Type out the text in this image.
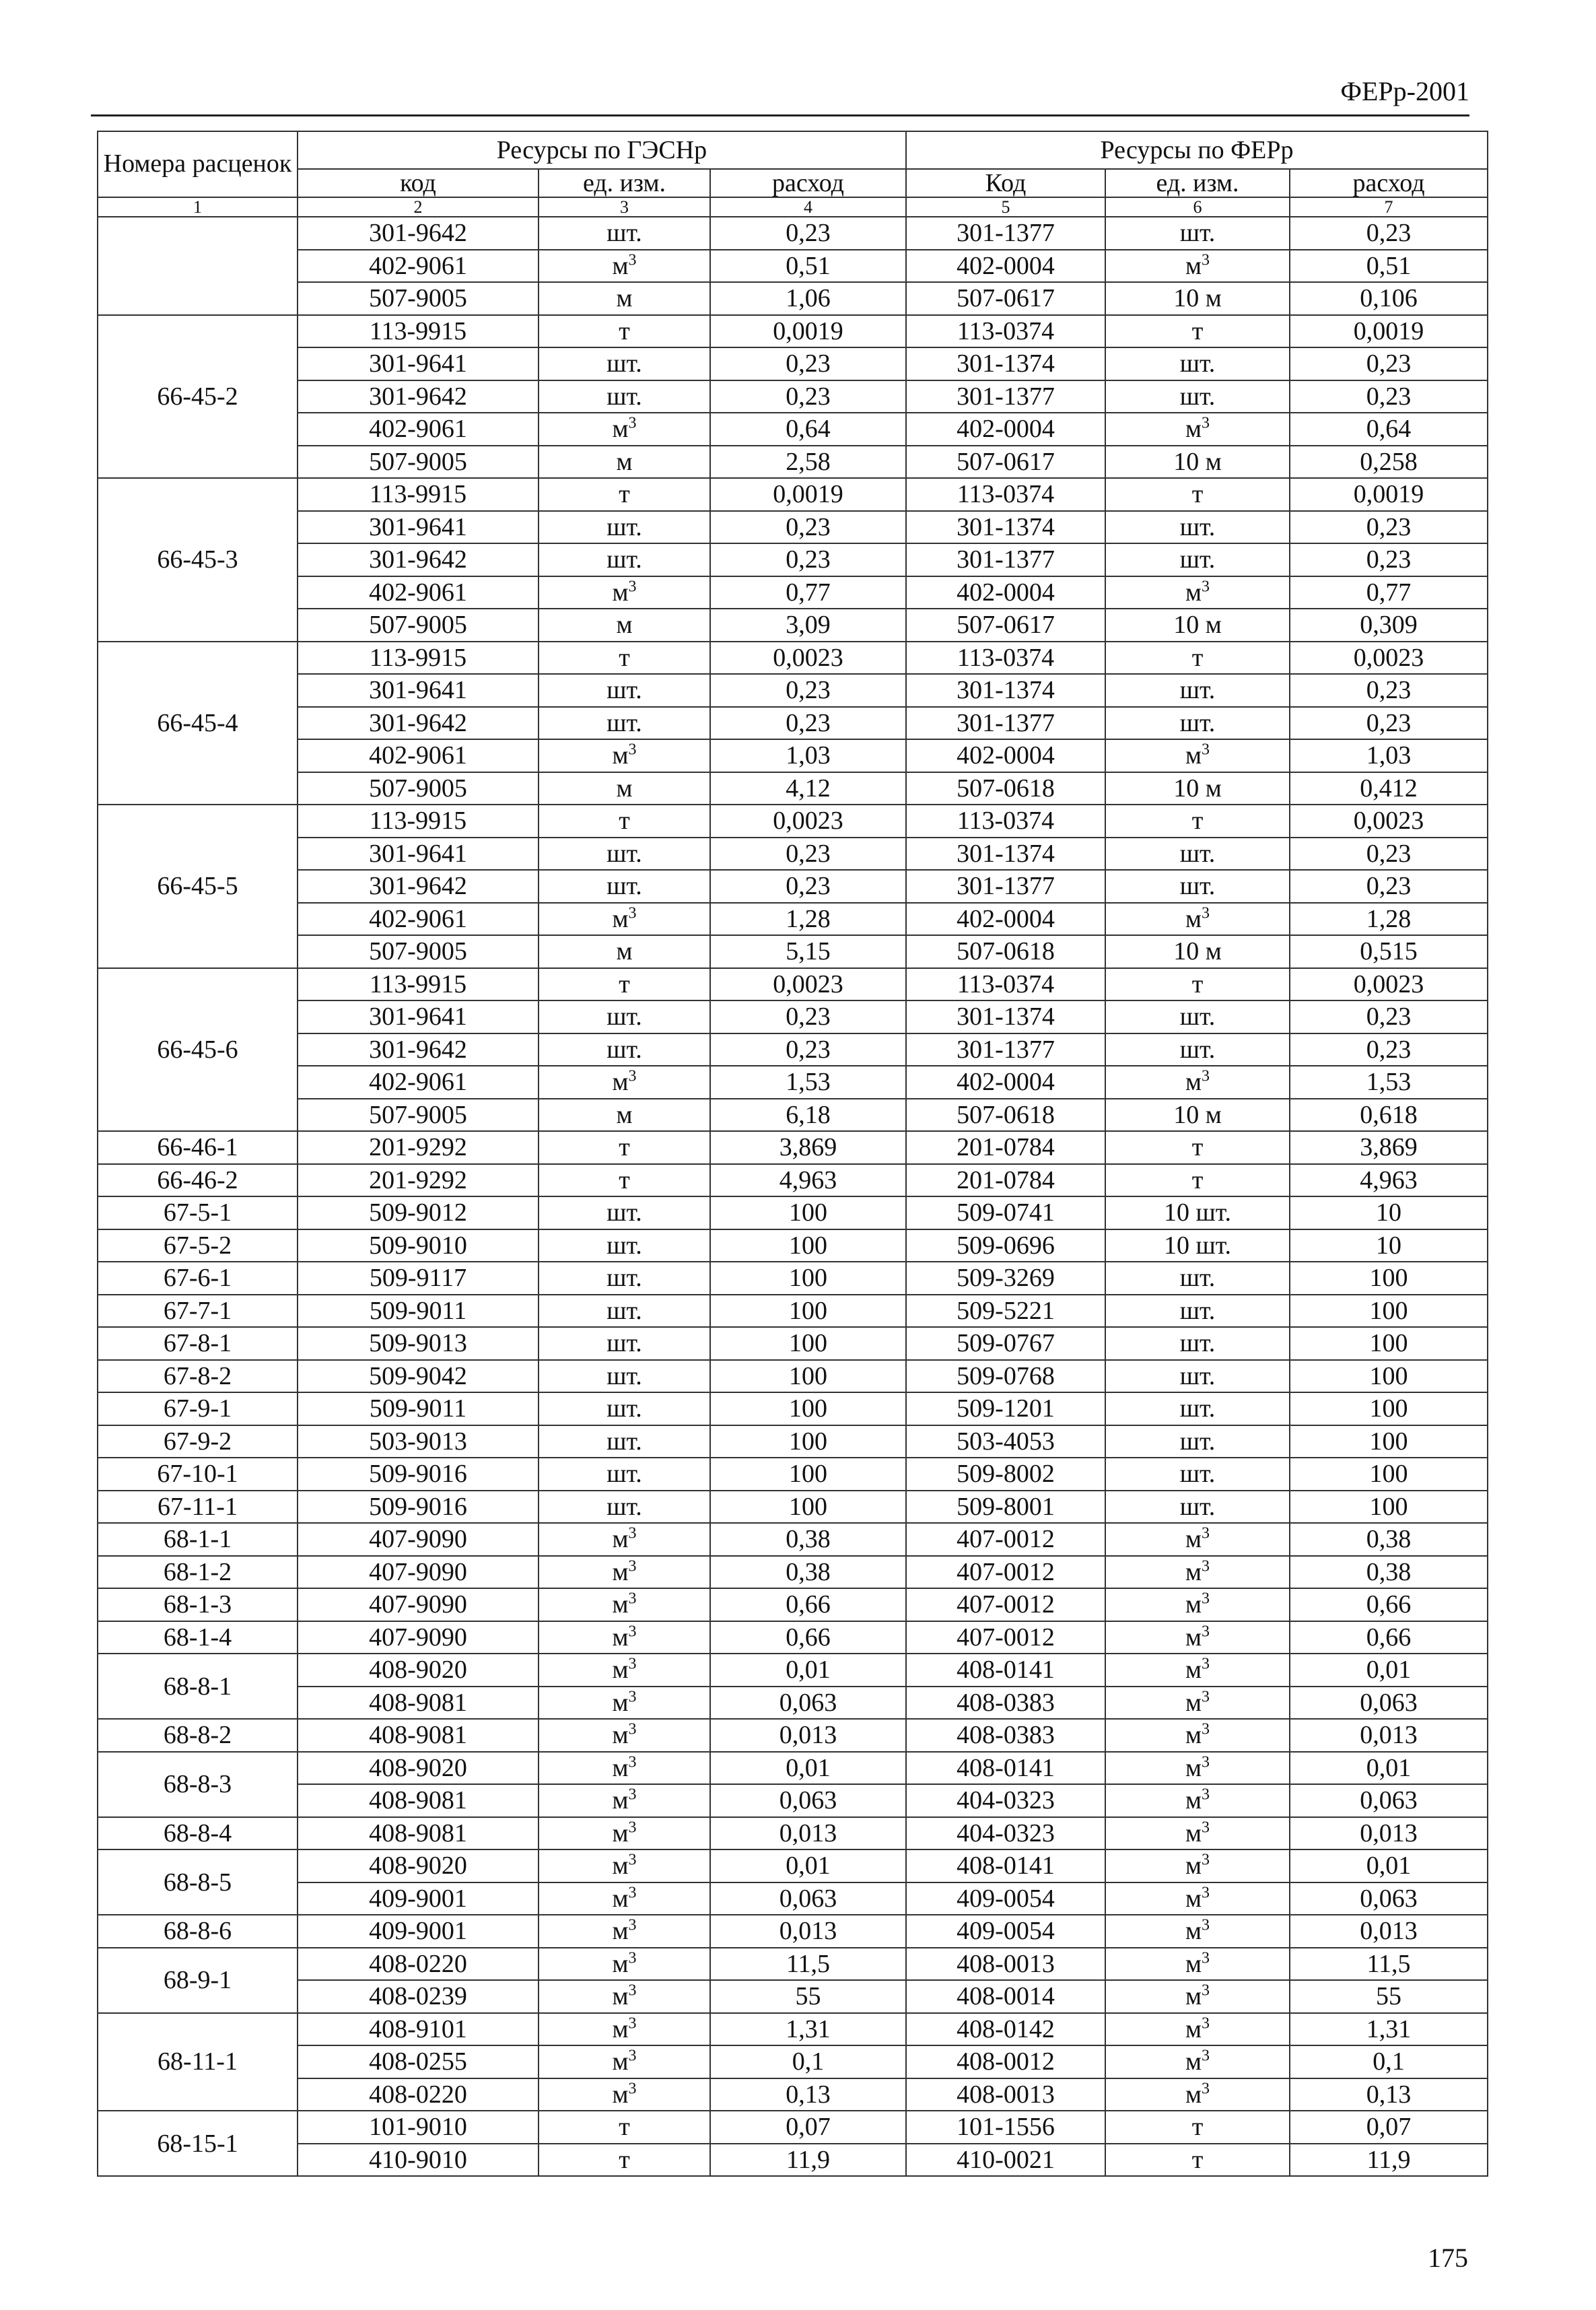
ФЕРр-2001
Номера расценок	Ресурсы по ГЭСНр			Ресурсы по ФЕРр		
	код	ед. изм.	расход	Код	ед. изм.	расход
1	2	3	4	5	6	7
	301-9642	шт.	0,23	301-1377	шт.	0,23
	402-9061	$м^3$	0,51	402-0004	$м^3$	0,51
	507-9005	м	1,06	507-0617	10 м	0,106
66-45-2	113-9915	т	0,0019	113-0374	т	0,0019
	301-9641	шт.	0,23	301-1374	шт.	0,23
	301-9642	шт.	0,23	301-1377	шт.	0,23
	402-9061	$м^3$	0,64	402-0004	$м^3$	0,64
	507-9005	м	2,58	507-0617	10 м	0,258
66-45-3	113-9915	т	0,0019	113-0374	т	0,0019
	301-9641	шт.	0,23	301-1374	шт.	0,23
	301-9642	шт.	0,23	301-1377	шт.	0,23
	402-9061	$м^3$	0,77	402-0004	$м^3$	0,77
	507-9005	м	3,09	507-0617	10 м	0,309
66-45-4	113-9915	т	0,0023	113-0374	т	0,0023
	301-9641	шт.	0,23	301-1374	шт.	0,23
	301-9642	шт.	0,23	301-1377	шт.	0,23
	402-9061	$м^3$	1,03	402-0004	$м^3$	1,03
	507-9005	м	4,12	507-0618	10 м	0,412
66-45-5	113-9915	т	0,0023	113-0374	т	0,0023
	301-9641	шт.	0,23	301-1374	шт.	0,23
	301-9642	шт.	0,23	301-1377	шт.	0,23
	402-9061	$м^3$	1,28	402-0004	$м^3$	1,28
	507-9005	м	5,15	507-0618	10 м	0,515
66-45-6	113-9915	т	0,0023	113-0374	т	0,0023
	301-9641	шт.	0,23	301-1374	шт.	0,23
	301-9642	шт.	0,23	301-1377	шт.	0,23
	402-9061	$м^3$	1,53	402-0004	$м^3$	1,53
	507-9005	м	6,18	507-0618	10 м	0,618
66-46-1	201-9292	т	3,869	201-0784	т	3,869
66-46-2	201-9292	т	4,963	201-0784	т	4,963
67-5-1	509-9012	шт.	100	509-0741	10 шт.	10
67-5-2	509-9010	шт.	100	509-0696	10 шт.	10
67-6-1	509-9117	шт.	100	509-3269	шт.	100
67-7-1	509-9011	шт.	100	509-5221	шт.	100
67-8-1	509-9013	шт.	100	509-0767	шт.	100
67-8-2	509-9042	шт.	100	509-0768	шт.	100
67-9-1	509-9011	шт.	100	509-1201	шт.	100
67-9-2	503-9013	шт.	100	503-4053	шт.	100
67-10-1	509-9016	шт.	100	509-8002	шт.	100
67-11-1	509-9016	шт.	100	509-8001	шт.	100
68-1-1	407-9090	$м^3$	0,38	407-0012	$м^3$	0,38
68-1-2	407-9090	$м^3$	0,38	407-0012	$м^3$	0,38
68-1-3	407-9090	$м^3$	0,66	407-0012	$м^3$	0,66
68-1-4	407-9090	$м^3$	0,66	407-0012	$м^3$	0,66
68-8-1	408-9020	$м^3$	0,01	408-0141	$м^3$	0,01
	408-9081	$м^3$	0,063	408-0383	$м^3$	0,063
68-8-2	408-9081	$м^3$	0,013	408-0383	$м^3$	0,013
68-8-3	408-9020	$м^3$	0,01	408-0141	$м^3$	0,01
	408-9081	$м^3$	0,063	404-0323	$м^3$	0,063
68-8-4	408-9081	$м^3$	0,013	404-0323	$м^3$	0,013
68-8-5	408-9020	$м^3$	0,01	408-0141	$м^3$	0,01
	409-9001	$м^3$	0,063	409-0054	$м^3$	0,063
68-8-6	409-9001	$м^3$	0,013	409-0054	$м^3$	0,013
68-9-1	408-0220	$м^3$	11,5	408-0013	$м^3$	11,5
	408-0239	$м^3$	55	408-0014	$м^3$	55
68-11-1	408-9101	$м^3$	1,31	408-0142	$м^3$	1,31
	408-0255	$м^3$	0,1	408-0012	$м^3$	0,1
	408-0220	$м^3$	0,13	408-0013	$м^3$	0,13
68-15-1	101-9010	т	0,07	101-1556	т	0,07
	410-9010	т	11,9	410-0021	т	11,9
175
